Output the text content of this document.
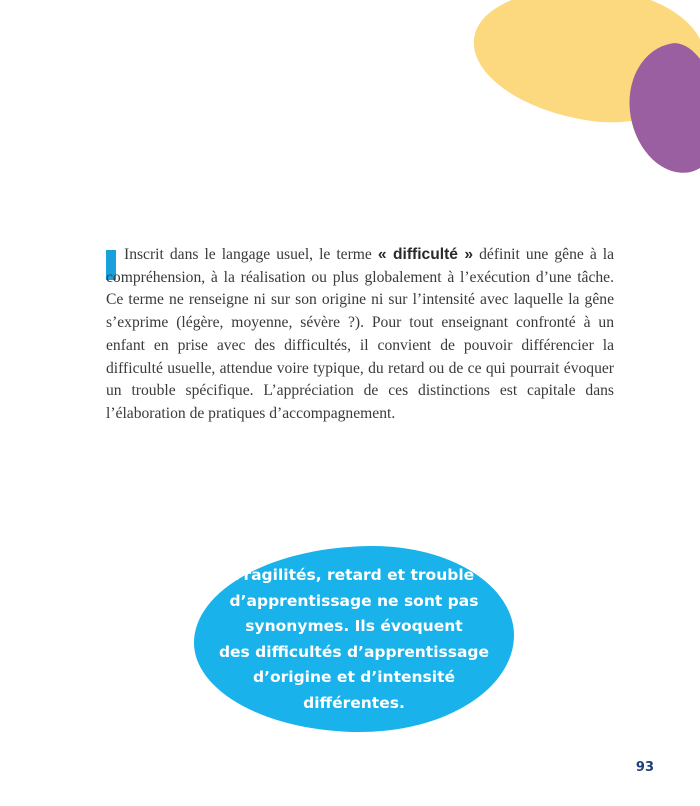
Inscrit dans le langage usuel, le terme « difficulté » définit une gêne à la compréhension, à la réalisation ou plus globalement à l’exécution d’une tâche. Ce terme ne renseigne ni sur son origine ni sur l’intensité avec laquelle la gêne s’exprime (légère, moyenne, sévère ?). Pour tout enseignant confronté à un enfant en prise avec des difficultés, il convient de pouvoir différencier la difficulté usuelle, attendue voire typique, du retard ou de ce qui pourrait évoquer un trouble spécifique. L’appréciation de ces distinctions est capitale dans l’élaboration de pratiques d’accompagnement.

Fragilités, retard et trouble
d’apprentissage ne sont pas
synonymes. Ils évoquent
des difficultés d’apprentissage
d’origine et d’intensité
différentes.
93
